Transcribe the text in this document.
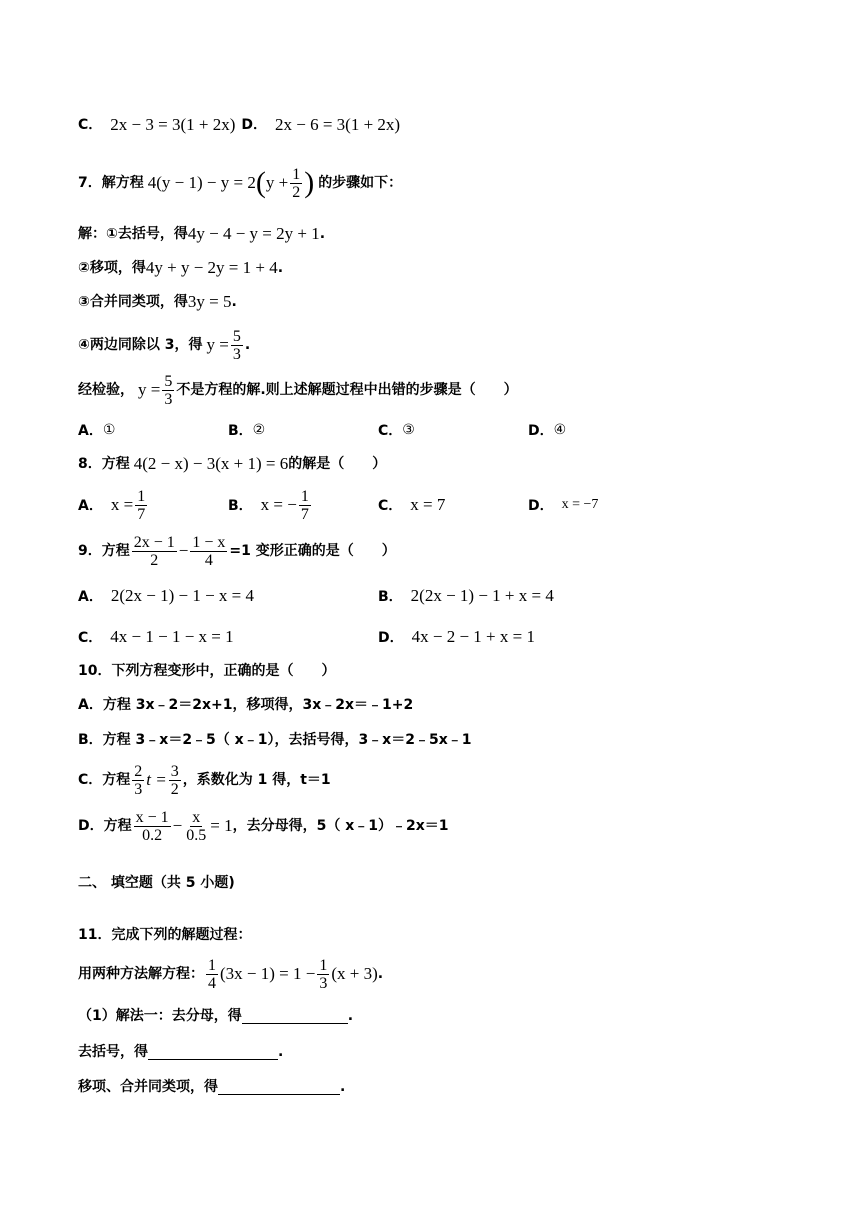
C． 2x − 3 = 3(1 + 2x) D． 2x − 6 = 3(1 + 2x)
7． 解方程 4(y − 1) − y = 2 ( $y + \frac{1}{2}$ ) 的步骤如下：
解：①去括号，得 4y − 4 − y = 2y + 1 .
②移项，得 4y + y − 2y = 1 + 4 .
③合并同类项，得 3y = 5 .
④两边同除以 3，得 $y = \frac{5}{3}$ .
经检验， $y = \frac{5}{3}$ 不是方程的解.则上述解题过程中出错的步骤是（　　）
A． ①	B． ②	C． ③	D． ④
8． 方程 4(2 − x) − 3(x + 1) = 6 的解是（　　）
A． $x = \frac{1}{7}$	B． x = − $\frac{1}{7}$	C． x = 7	D． x = −7
9． 方程 $\frac{2x - 1}{2} - \frac{1 - x}{4} =1$ 变形正确的是（　　）
A． 2(2x − 1) − 1 − x = 4	B． 2(2x − 1) − 1 + x = 4
C． 4x − 1 − 1 − x = 1	D． 4x − 2 − 1 + x = 1
10． 下列方程变形中，正确的是（　　）
A． 方程 3x﹣2＝2x+1，移项得，3x﹣2x＝﹣1+2
B． 方程 3﹣x＝2﹣5（ x﹣1），去括号得，3﹣x＝2﹣5x﹣1
C． 方程 $\frac{2}{3}$ $t = \frac{3}{2}$ ，系数化为 1 得，t＝1
D． 方程 $\frac{x - 1}{0.2} - \frac{x}{0.5} = 1$ ，去分母得，5（ x﹣1）﹣2x＝1
二、 填空题（共 5 小题)
11． 完成下列的解题过程：
用两种方法解方程： $\frac{1}{4} (3x - 1) = 1 - \frac{1}{3} (x + 3)$ .
（1）解法一：去分母，得	.
去括号，得	.
移项、合并同类项，得	.
